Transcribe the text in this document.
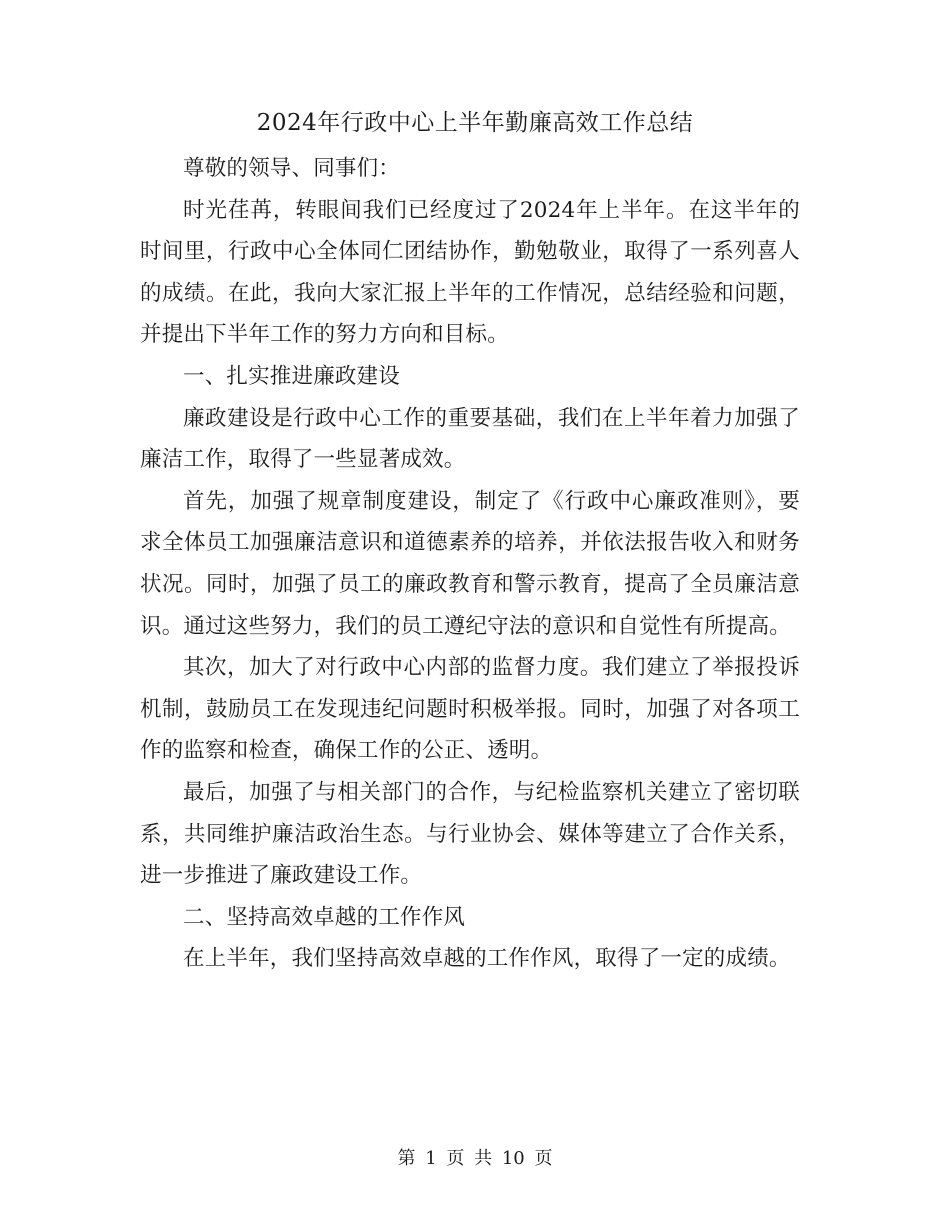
2024年行政中心上半年勤廉高效工作总结

尊敬的领导、同事们：

时光荏苒，转眼间我们已经度过了2024年上半年。在这半年的时间里，行政中心全体同仁团结协作，勤勉敬业，取得了一系列喜人的成绩。在此，我向大家汇报上半年的工作情况，总结经验和问题，并提出下半年工作的努力方向和目标。

一、扎实推进廉政建设

廉政建设是行政中心工作的重要基础，我们在上半年着力加强了廉洁工作，取得了一些显著成效。

首先，加强了规章制度建设，制定了《行政中心廉政准则》，要求全体员工加强廉洁意识和道德素养的培养，并依法报告收入和财务状况。同时，加强了员工的廉政教育和警示教育，提高了全员廉洁意识。通过这些努力，我们的员工遵纪守法的意识和自觉性有所提高。

其次，加大了对行政中心内部的监督力度。我们建立了举报投诉机制，鼓励员工在发现违纪问题时积极举报。同时，加强了对各项工作的监察和检查，确保工作的公正、透明。

最后，加强了与相关部门的合作，与纪检监察机关建立了密切联系，共同维护廉洁政治生态。与行业协会、媒体等建立了合作关系，进一步推进了廉政建设工作。

二、坚持高效卓越的工作作风

在上半年，我们坚持高效卓越的工作作风，取得了一定的成绩。

第 1 页 共 10 页
